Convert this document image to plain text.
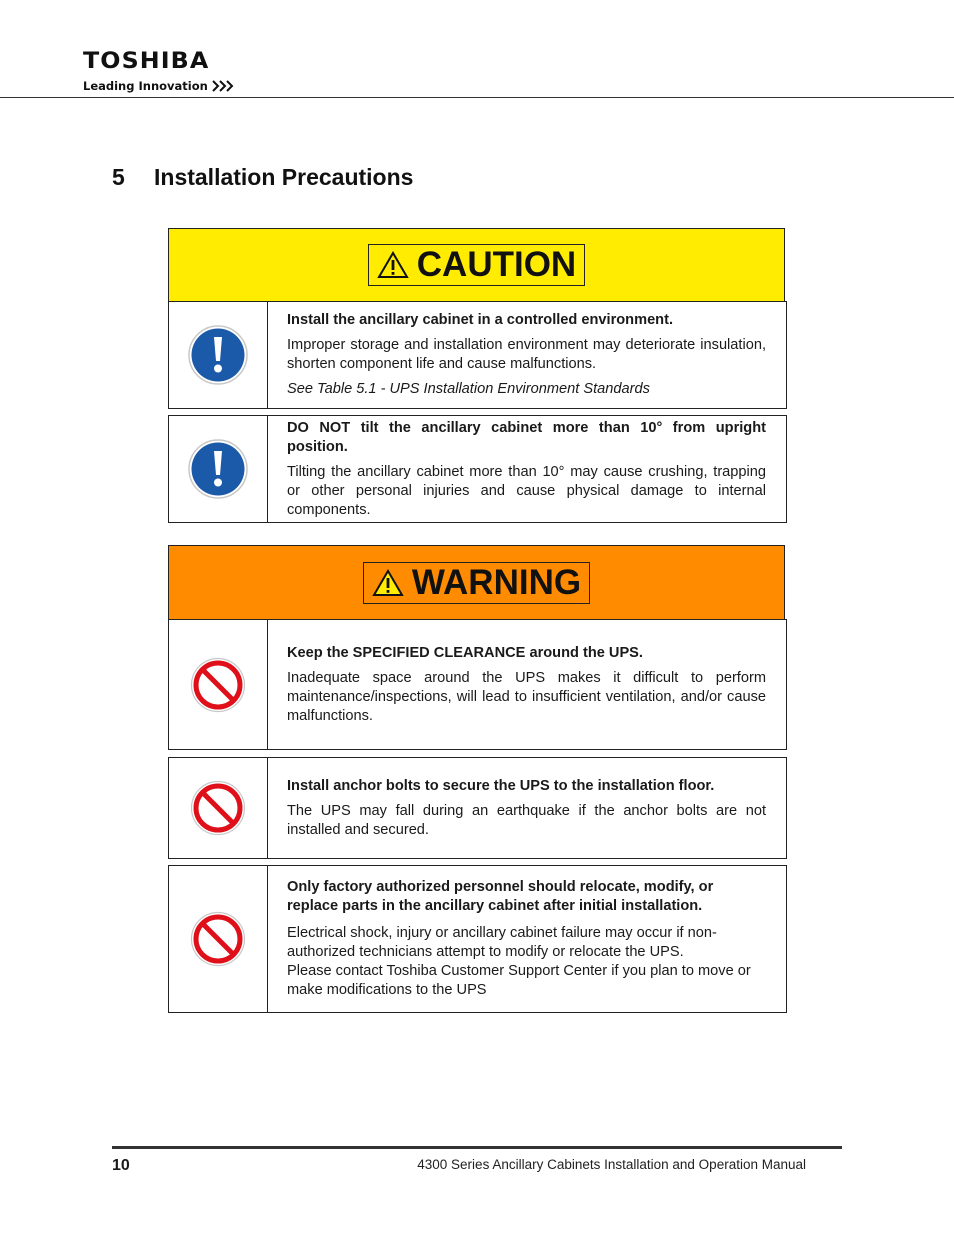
TOSHIBA
Leading Innovation
5	Installation Precautions
CAUTION

Install the ancillary cabinet in a controlled environment.

Improper storage and installation environment may deteriorate insulation, shorten component life and cause malfunctions.

See Table 5.1 - UPS Installation Environment Standards

DO NOT tilt the ancillary cabinet more than 10° from upright position.

Tilting the ancillary cabinet more than 10° may cause crushing, trapping or other personal injuries and cause physical damage to internal components.

WARNING

Keep the SPECIFIED CLEARANCE around the UPS.

Inadequate space around the UPS makes it difficult to perform maintenance/inspections, will lead to insufficient ventilation, and/or cause malfunctions.

Install anchor bolts to secure the UPS to the installation floor.

The UPS may fall during an earthquake if the anchor bolts are not installed and secured.

Only factory authorized personnel should relocate, modify, or replace parts in the ancillary cabinet after initial installation.

Electrical shock, injury or ancillary cabinet failure may occur if non-authorized technicians attempt to modify or relocate the UPS.

Please contact Toshiba Customer Support Center if you plan to move or make modifications to the UPS

10	4300 Series Ancillary Cabinets Installation and Operation Manual
